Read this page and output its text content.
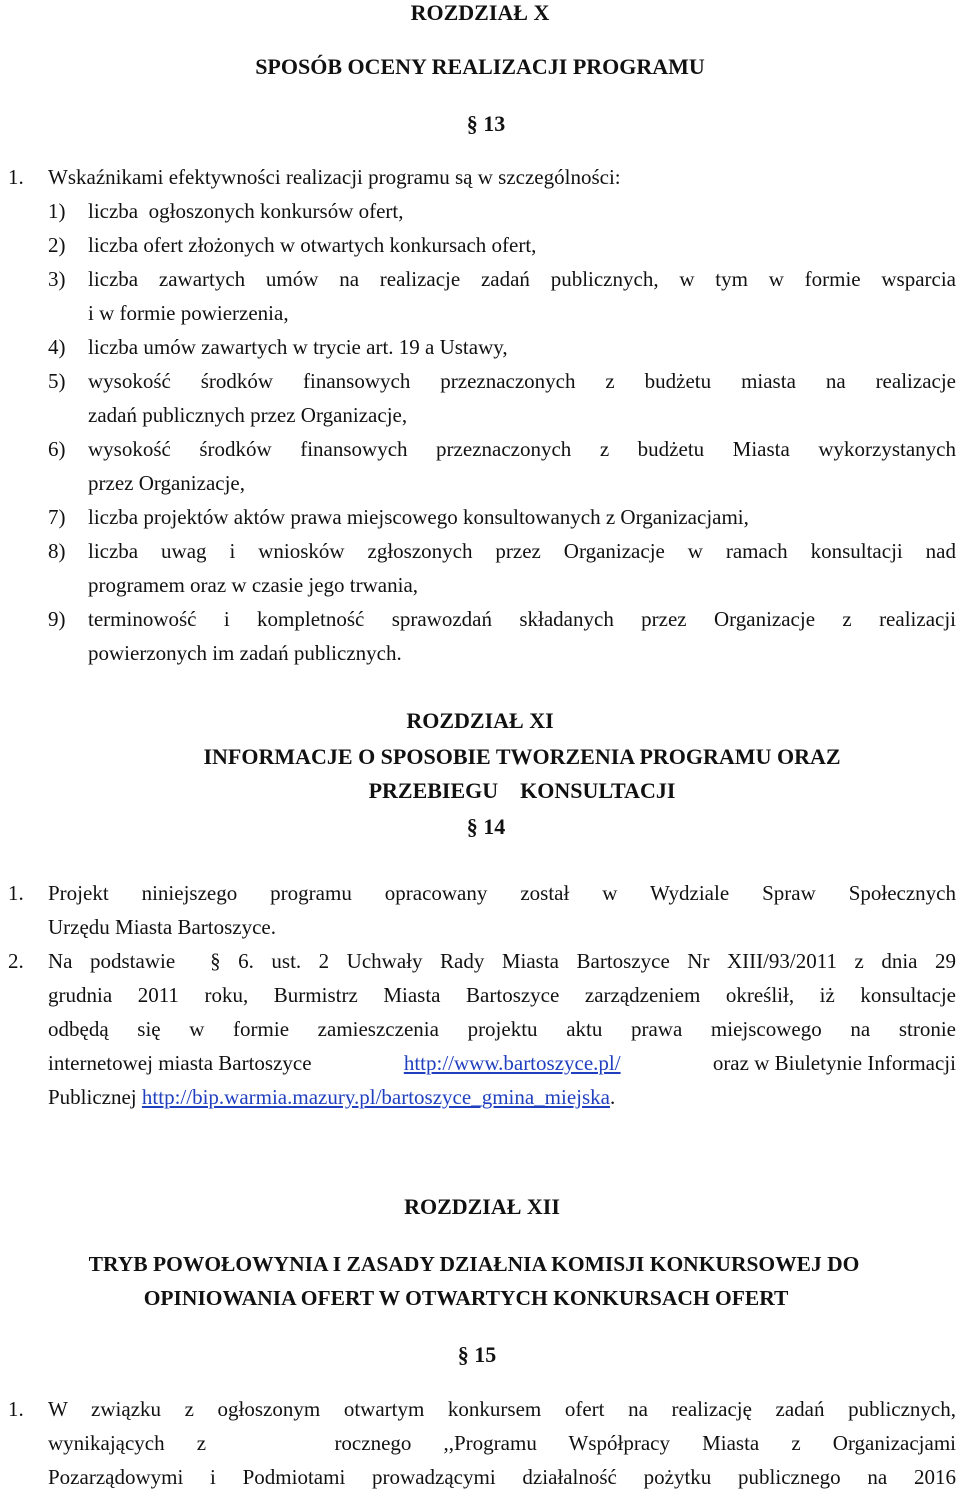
ROZDZIAŁ X
SPOSÓB OCENY REALIZACJI PROGRAMU
§ 13
1. Wskaźnikami efektywności realizacji programu są w szczególności:
1) liczba  ogłoszonych konkursów ofert,
2) liczba ofert złożonych w otwartych konkursach ofert,
3) liczba zawartych umów na realizacje zadań publicznych, w tym w formie wsparcia
i w formie powierzenia,
4) liczba umów zawartych w trycie art. 19 a Ustawy,
5) wysokość środków finansowych przeznaczonych z budżetu miasta na realizacje
zadań publicznych przez Organizacje,
6) wysokość środków finansowych przeznaczonych z budżetu Miasta wykorzystanych
przez Organizacje,
7) liczba projektów aktów prawa miejscowego konsultowanych z Organizacjami,
8) liczba uwag i wniosków zgłoszonych przez Organizacje w ramach konsultacji nad
programem oraz w czasie jego trwania,
9) terminowość i kompletność sprawozdań składanych przez Organizacje z realizacji
powierzonych im zadań publicznych.
ROZDZIAŁ XI
INFORMACJE O SPOSOBIE TWORZENIA PROGRAMU ORAZ
PRZEBIEGU    KONSULTACJI
§ 14
1. Projekt niniejszego programu opracowany został w Wydziale Spraw Społecznych
Urzędu Miasta Bartoszyce.
2. Na podstawie  § 6. ust. 2 Uchwały Rady Miasta Bartoszyce Nr XIII/93/2011 z dnia 29
grudnia 2011 roku, Burmistrz Miasta Bartoszyce zarządzeniem określił, iż konsultacje
odbędą się w formie zamieszczenia projektu aktu prawa miejscowego na stronie
internetowej miasta Bartoszyce	http://www.bartoszyce.pl/	oraz w Biuletynie Informacji
Publicznej http://bip.warmia.mazury.pl/bartoszyce_gmina_miejska.
ROZDZIAŁ XII
TRYB POWOŁOWYNIA I ZASADY DZIAŁNIA KOMISJI KONKURSOWEJ DO
OPINIOWANIA OFERT W OTWARTYCH KONKURSACH OFERT
§ 15
1. W związku z ogłoszonym otwartym konkursem ofert na realizację zadań publicznych,
wynikających z    rocznego ,,Programu Współpracy Miasta z Organizacjami
Pozarządowymi i Podmiotami prowadzącymi działalność pożytku publicznego na 2016
